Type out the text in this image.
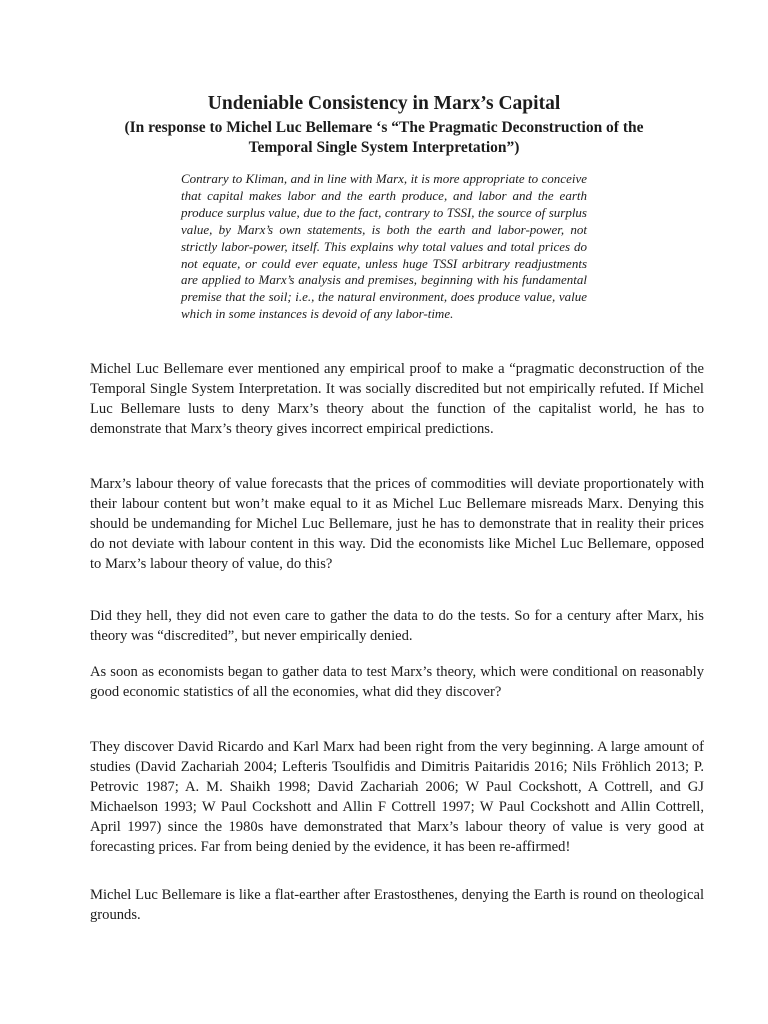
Undeniable Consistency in Marx’s Capital
(In response to Michel Luc Bellemare ‘s “The Pragmatic Deconstruction of the Temporal Single System Interpretation”)

Contrary to Kliman, and in line with Marx, it is more appropriate to conceive that capital makes labor and the earth produce, and labor and the earth produce surplus value, due to the fact, contrary to TSSI, the source of surplus value, by Marx’s own statements, is both the earth and labor-power, not strictly labor-power, itself. This explains why total values and total prices do not equate, or could ever equate, unless huge TSSI arbitrary readjustments are applied to Marx’s analysis and premises, beginning with his fundamental premise that the soil; i.e., the natural environment, does produce value, value which in some instances is devoid of any labor-time.

Michel Luc Bellemare ever mentioned any empirical proof to make a “pragmatic deconstruction of the Temporal Single System Interpretation. It was socially discredited but not empirically refuted. If Michel Luc Bellemare lusts to deny Marx’s theory about the function of the capitalist world, he has to demonstrate that Marx’s theory gives incorrect empirical predictions.

Marx’s labour theory of value forecasts that the prices of commodities will deviate proportionately with their labour content but won’t make equal to it as Michel Luc Bellemare misreads Marx. Denying this should be undemanding for Michel Luc Bellemare, just he has to demonstrate that in reality their prices do not deviate with labour content in this way. Did the economists like Michel Luc Bellemare, opposed to Marx’s labour theory of value, do this?

Did they hell, they did not even care to gather the data to do the tests. So for a century after Marx, his theory was “discredited”, but never empirically denied.

As soon as economists began to gather data to test Marx’s theory, which were conditional on reasonably good economic statistics of all the economies, what did they discover?

They discover David Ricardo and Karl Marx had been right from the very beginning. A large amount of studies (David Zachariah 2004; Lefteris Tsoulfidis and Dimitris Paitaridis 2016; Nils Fröhlich 2013; P. Petrovic 1987; A. M. Shaikh 1998; David Zachariah 2006; W Paul Cockshott, A Cottrell, and GJ Michaelson 1993; W Paul Cockshott and Allin F Cottrell 1997; W Paul Cockshott and Allin Cottrell, April 1997) since the 1980s have demonstrated that Marx’s labour theory of value is very good at forecasting prices. Far from being denied by the evidence, it has been re-affirmed!

Michel Luc Bellemare is like a flat-earther after Erastosthenes, denying the Earth is round on theological grounds.
